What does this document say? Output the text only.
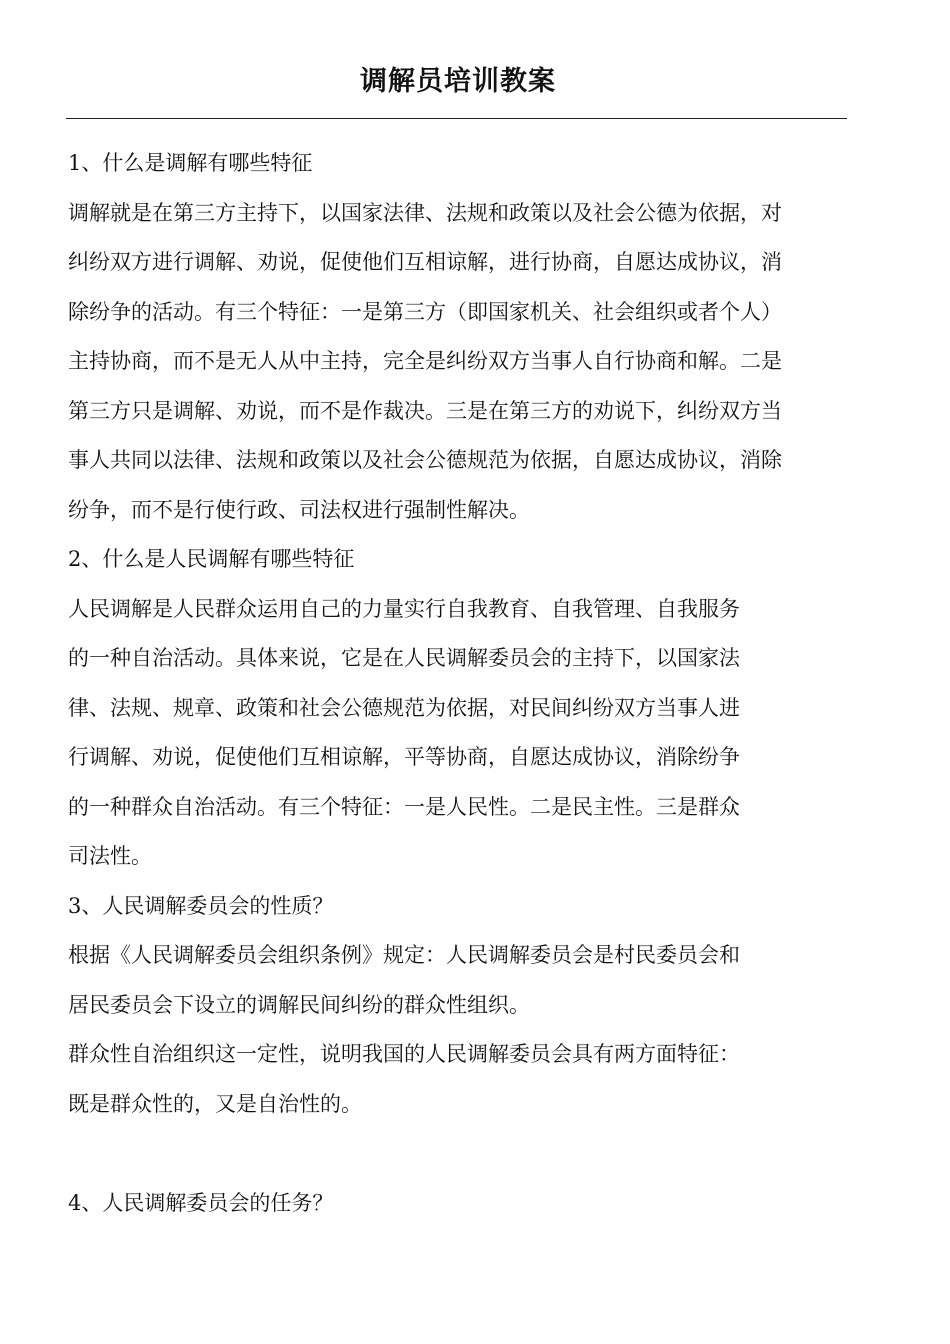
调解员培训教案
1、什么是调解有哪些特征
调解就是在第三方主持下，以国家法律、法规和政策以及社会公德为依据，对
纠纷双方进行调解、劝说，促使他们互相谅解，进行协商，自愿达成协议，消
除纷争的活动。有三个特征：一是第三方（即国家机关、社会组织或者个人）
主持协商，而不是无人从中主持，完全是纠纷双方当事人自行协商和解。二是
第三方只是调解、劝说，而不是作裁决。三是在第三方的劝说下，纠纷双方当
事人共同以法律、法规和政策以及社会公德规范为依据，自愿达成协议，消除
纷争，而不是行使行政、司法权进行强制性解决。
2、什么是人民调解有哪些特征
人民调解是人民群众运用自己的力量实行自我教育、自我管理、自我服务
的一种自治活动。具体来说，它是在人民调解委员会的主持下，以国家法
律、法规、规章、政策和社会公德规范为依据，对民间纠纷双方当事人进
行调解、劝说，促使他们互相谅解，平等协商，自愿达成协议，消除纷争
的一种群众自治活动。有三个特征：一是人民性。二是民主性。三是群众
司法性。
3、人民调解委员会的性质？
根据《人民调解委员会组织条例》规定：人民调解委员会是村民委员会和
居民委员会下设立的调解民间纠纷的群众性组织。
群众性自治组织这一定性，说明我国的人民调解委员会具有两方面特征：
既是群众性的，又是自治性的。
4、人民调解委员会的任务？
